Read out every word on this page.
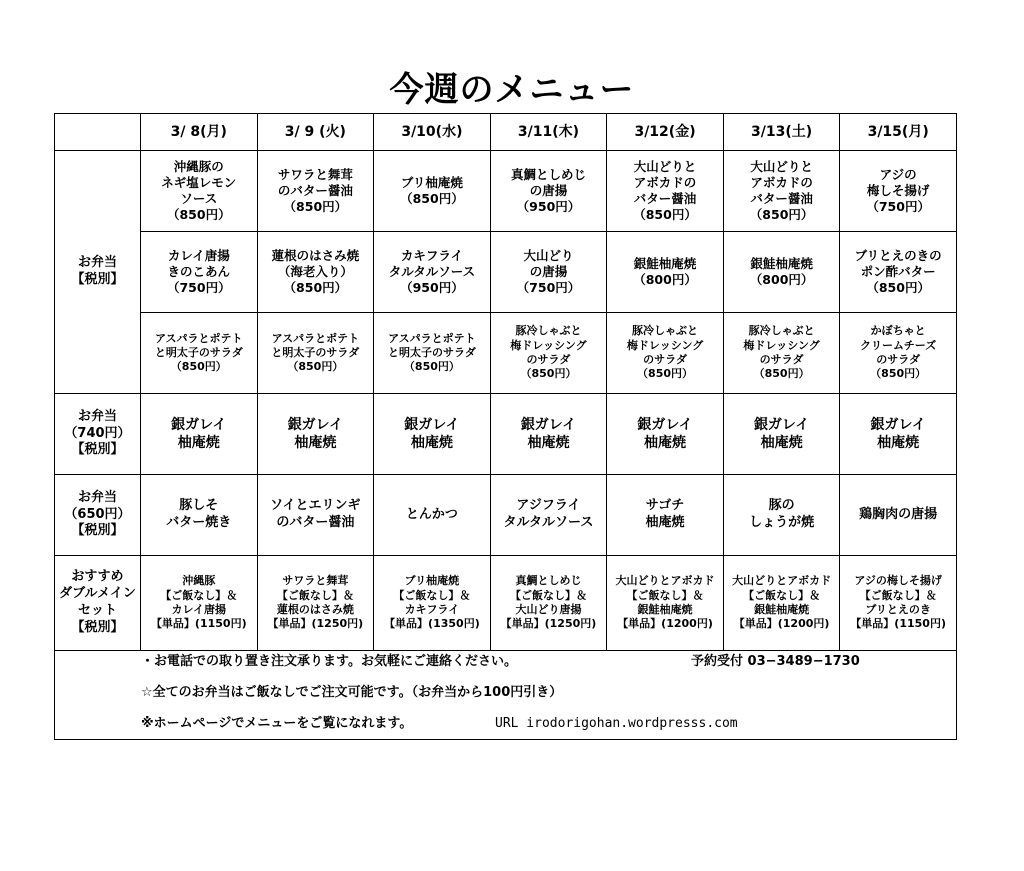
今週のメニュー
	3/ 8(月)	3/ 9 (火)	3/10(水)	3/11(木)	3/12(金)	3/13(土)	3/15(月)

お弁当
【税別】	沖縄豚の
ネギ塩レモン
ソース
（850円）	サワラと舞茸
のバター醤油
（850円）	ブリ柚庵焼
（850円）	真鯛としめじ
の唐揚
（950円）	大山どりと
アボカドの
バター醤油
（850円）	大山どりと
アボカドの
バター醤油
（850円）	アジの
梅しそ揚げ
（750円）

	カレイ唐揚
きのこあん
（750円）	蓮根のはさみ焼
（海老入り）
（850円）	カキフライ
タルタルソース
（950円）	大山どり
の唐揚
（750円）	銀鮭柚庵焼
（800円）	銀鮭柚庵焼
（800円）	ブリとえのきの
ポン酢バター
（850円）

	アスパラとポテト
と明太子のサラダ
（850円）	アスパラとポテト
と明太子のサラダ
（850円）	アスパラとポテト
と明太子のサラダ
（850円）	豚冷しゃぶと
梅ドレッシング
のサラダ
（850円）	豚冷しゃぶと
梅ドレッシング
のサラダ
（850円）	豚冷しゃぶと
梅ドレッシング
のサラダ
（850円）	かぼちゃと
クリームチーズ
のサラダ
（850円）

お弁当
（740円）
【税別】	銀ガレイ
柚庵焼	銀ガレイ
柚庵焼	銀ガレイ
柚庵焼	銀ガレイ
柚庵焼	銀ガレイ
柚庵焼	銀ガレイ
柚庵焼	銀ガレイ
柚庵焼

お弁当
（650円）
【税別】	豚しそ
バター焼き	ソイとエリンギ
のバター醤油	とんかつ	アジフライ
タルタルソース	サゴチ
柚庵焼	豚の
しょうが焼	鶏胸肉の唐揚

おすすめ
ダブルメイン
セット
【税別】	沖縄豚
【ご飯なし】＆
カレイ唐揚
【単品】(1150円)	サワラと舞茸
【ご飯なし】＆
蓮根のはさみ焼
【単品】(1250円)	ブリ柚庵焼
【ご飯なし】＆
カキフライ
【単品】(1350円)	真鯛としめじ
【ご飯なし】＆
大山どり唐揚
【単品】(1250円)	大山どりとアボカド
【ご飯なし】＆
銀鮭柚庵焼
【単品】(1200円)	大山どりとアボカド
【ご飯なし】＆
銀鮭柚庵焼
【単品】(1200円)	アジの梅しそ揚げ
【ご飯なし】＆
ブリとえのき
【単品】(1150円)

・お電話での取り置き注文承ります。お気軽にご連絡ください。 予約受付 03−3489−1730
☆全てのお弁当はご飯なしでご注文可能です。（お弁当から100円引き）
※ホームページでメニューをご覧になれます。 URL irodorigohan.wordpresss.com							
